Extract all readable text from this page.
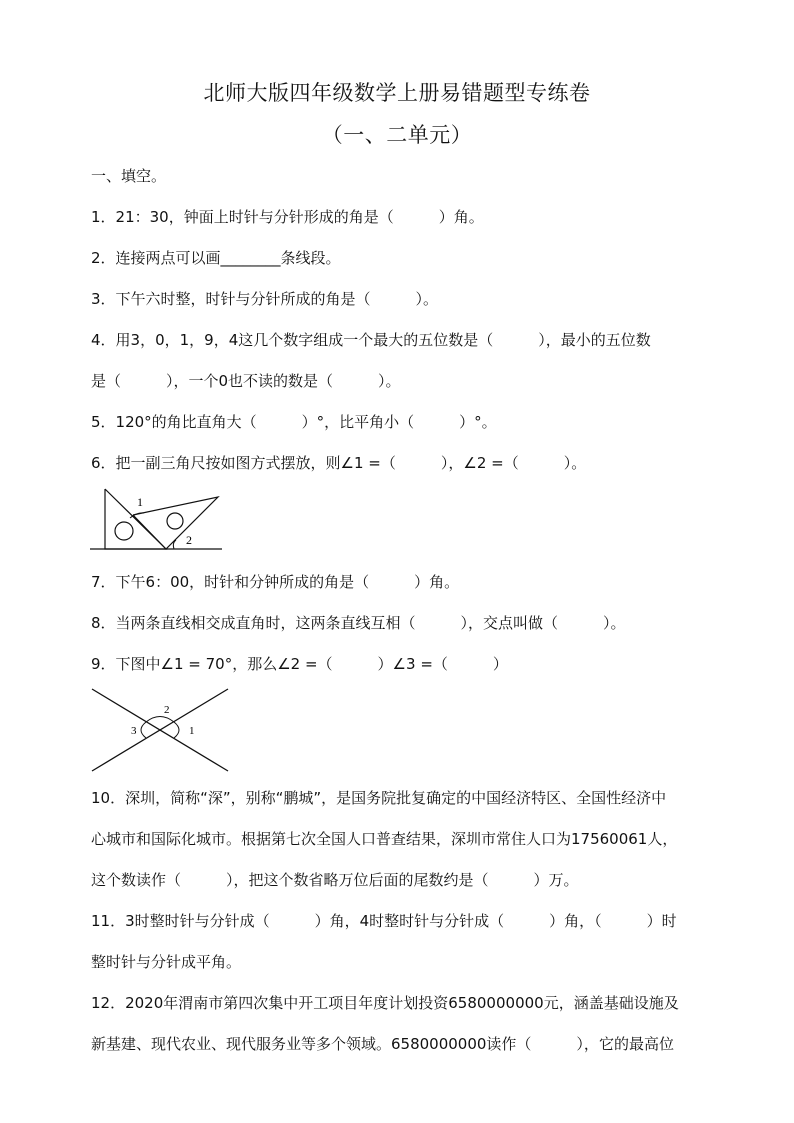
北师大版四年级数学上册易错题型专练卷
（一、二单元）
一、填空。
1．21：30，钟面上时针与分针形成的角是（　　　）角。
2．连接两点可以画________条线段。
3．下午六时整，时针与分针所成的角是（　　　）。
4．用3，0，1，9，4这几个数字组成一个最大的五位数是（　　　），最小的五位数
是（　　　），一个0也不读的数是（　　　）。
5．120°的角比直角大（　　　）°，比平角小（　　　）°。
6．把一副三角尺按如图方式摆放，则∠1 =（　　　），∠2 =（　　　）。
1
2
7．下午6：00，时针和分钟所成的角是（　　　）角。
8．当两条直线相交成直角时，这两条直线互相（　　　），交点叫做（　　　）。
9．下图中∠1 = 70°，那么∠2 =（　　　）∠3 =（　　　）
2
1
3
10．深圳，简称“深”，别称“鹏城”，是国务院批复确定的中国经济特区、全国性经济中
心城市和国际化城市。根据第七次全国人口普查结果，深圳市常住人口为17560061人，
这个数读作（　　　），把这个数省略万位后面的尾数约是（　　　）万。
11．3时整时针与分针成（　　　）角，4时整时针与分针成（　　　）角，（　　　）时
整时针与分针成平角。
12．2020年渭南市第四次集中开工项目年度计划投资6580000000元，涵盖基础设施及
新基建、现代农业、现代服务业等多个领域。6580000000读作（　　　），它的最高位
